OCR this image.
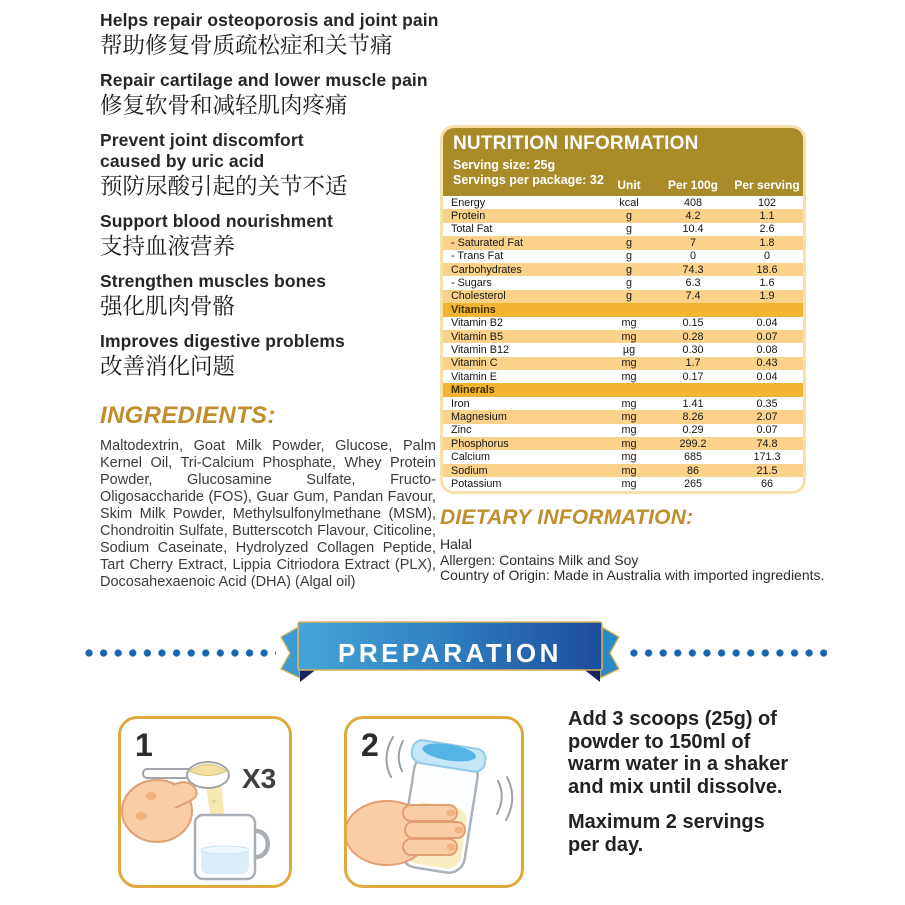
Helps repair osteoporosis and joint pain
帮助修复骨质疏松症和关节痛
Repair cartilage and lower muscle pain
修复软骨和减轻肌肉疼痛
Prevent joint discomfort
caused by uric acid
预防尿酸引起的关节不适
Support blood nourishment
支持血液营养
Strengthen muscles bones
强化肌肉骨骼
Improves digestive problems
改善消化问题
INGREDIENTS:

Maltodextrin, Goat Milk Powder, Glucose, Palm Kernel Oil, Tri-Calcium Phosphate, Whey Protein Powder, Glucosamine Sulfate, Fructo-Oligosaccharide (FOS), Guar Gum, Pandan Favour, Skim Milk Powder, Methylsulfonylmethane (MSM), Chondroitin Sulfate, Butterscotch Flavour, Citicoline, Sodium Caseinate, Hydrolyzed Collagen Peptide, Tart Cherry Extract, Lippia Citriodora Extract (PLX), Docosahexaenoic Acid (DHA) (Algal oil)

NUTRITION INFORMATION
Serving size: 25g
Servings per package: 32	Unit	Per 100g	Per serving
Energy	kcal	408	102
Protein	g	4.2	1.1
Total Fat	g	10.4	2.6
- Saturated Fat	g	7	1.8
- Trans Fat	g	0	0
Carbohydrates	g	74.3	18.6
- Sugars	g	6.3	1.6
Cholesterol	g	7.4	1.9
Vitamins
Vitamin B2	mg	0.15	0.04
Vitamin B5	mg	0.28	0.07
Vitamin B12	µg	0.30	0.08
Vitamin C	mg	1.7	0.43
Vitamin E	mg	0.17	0.04
Minerals
Iron	mg	1.41	0.35
Magnesium	mg	8.26	2.07
Zinc	mg	0.29	0.07
Phosphorus	mg	299.2	74.8
Calcium	mg	685	171.3
Sodium	mg	86	21.5
Potassium	mg	265	66
DIETARY INFORMATION:
Halal
Allergen: Contains Milk and Soy
Country of Origin: Made in Australia with imported ingredients.
PREPARATION
1
X3
2
Add 3 scoops (25g) of
powder to 150ml of
warm water in a shaker
and mix until dissolve.
Maximum 2 servings
per day.
